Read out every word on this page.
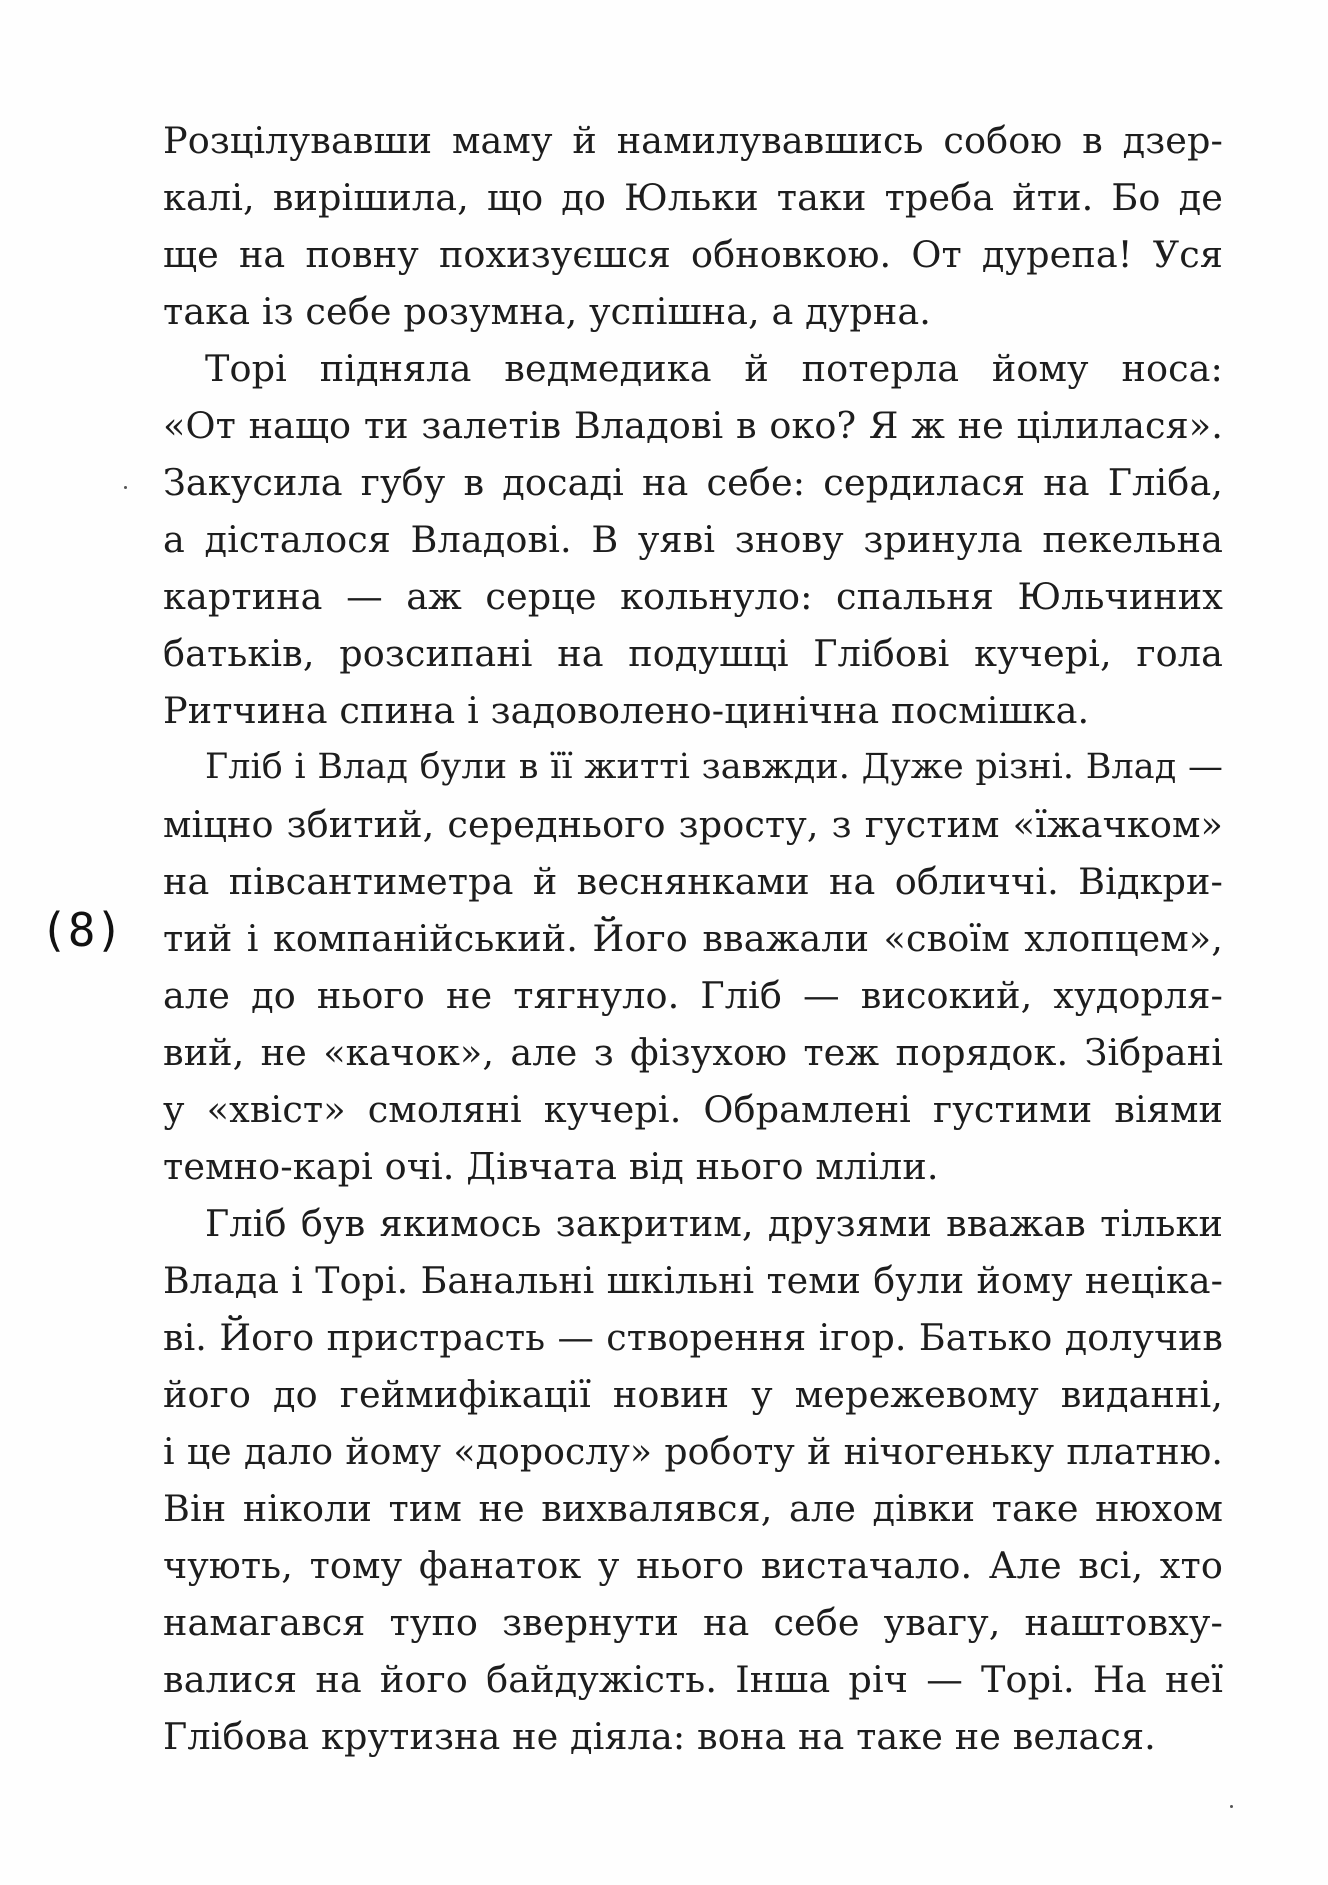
(8)
Розцілувавши маму й намилувавшись собою в дзер-
калі, вирішила, що до Юльки таки треба йти. Бо де
ще на повну похизуєшся обновкою. От дурепа! Уся
така із себе розумна, успішна, а дурна.
Торі підняла ведмедика й потерла йому носа:
«От нащо ти залетів Владові в око? Я ж не цілилася».
Закусила губу в досаді на себе: сердилася на Гліба,
а дісталося Владові. В уяві знову зринула пекельна
картина — аж серце кольнуло: спальня Юльчиних
батьків, розсипані на подушці Глібові кучері, гола
Ритчина спина і задоволено-цинічна посмішка.
Гліб і Влад були в її житті завжди. Дуже різні. Влад —
міцно збитий, середнього зросту, з густим «їжачком»
на півсантиметра й веснянками на обличчі. Відкри-
тий і компанійський. Його вважали «своїм хлопцем»,
але до нього не тягнуло. Гліб — високий, худорля-
вий, не «качок», але з фізухою теж порядок. Зібрані
у «хвіст» смоляні кучері. Обрамлені густими віями
темно-карі очі. Дівчата від нього мліли.
Гліб був якимось закритим, друзями вважав тільки
Влада і Торі. Банальні шкільні теми були йому неціка-
ві. Його пристрасть — створення ігор. Батько долучив
його до геймифікації новин у мережевому виданні,
і це дало йому «дорослу» роботу й нічогеньку платню.
Він ніколи тим не вихвалявся, але дівки таке нюхом
чують, тому фанаток у нього вистачало. Але всі, хто
намагався тупо звернути на себе увагу, наштовху-
валися на його байдужість. Інша річ — Торі. На неї
Глібова крутизна не діяла: вона на таке не велася.
